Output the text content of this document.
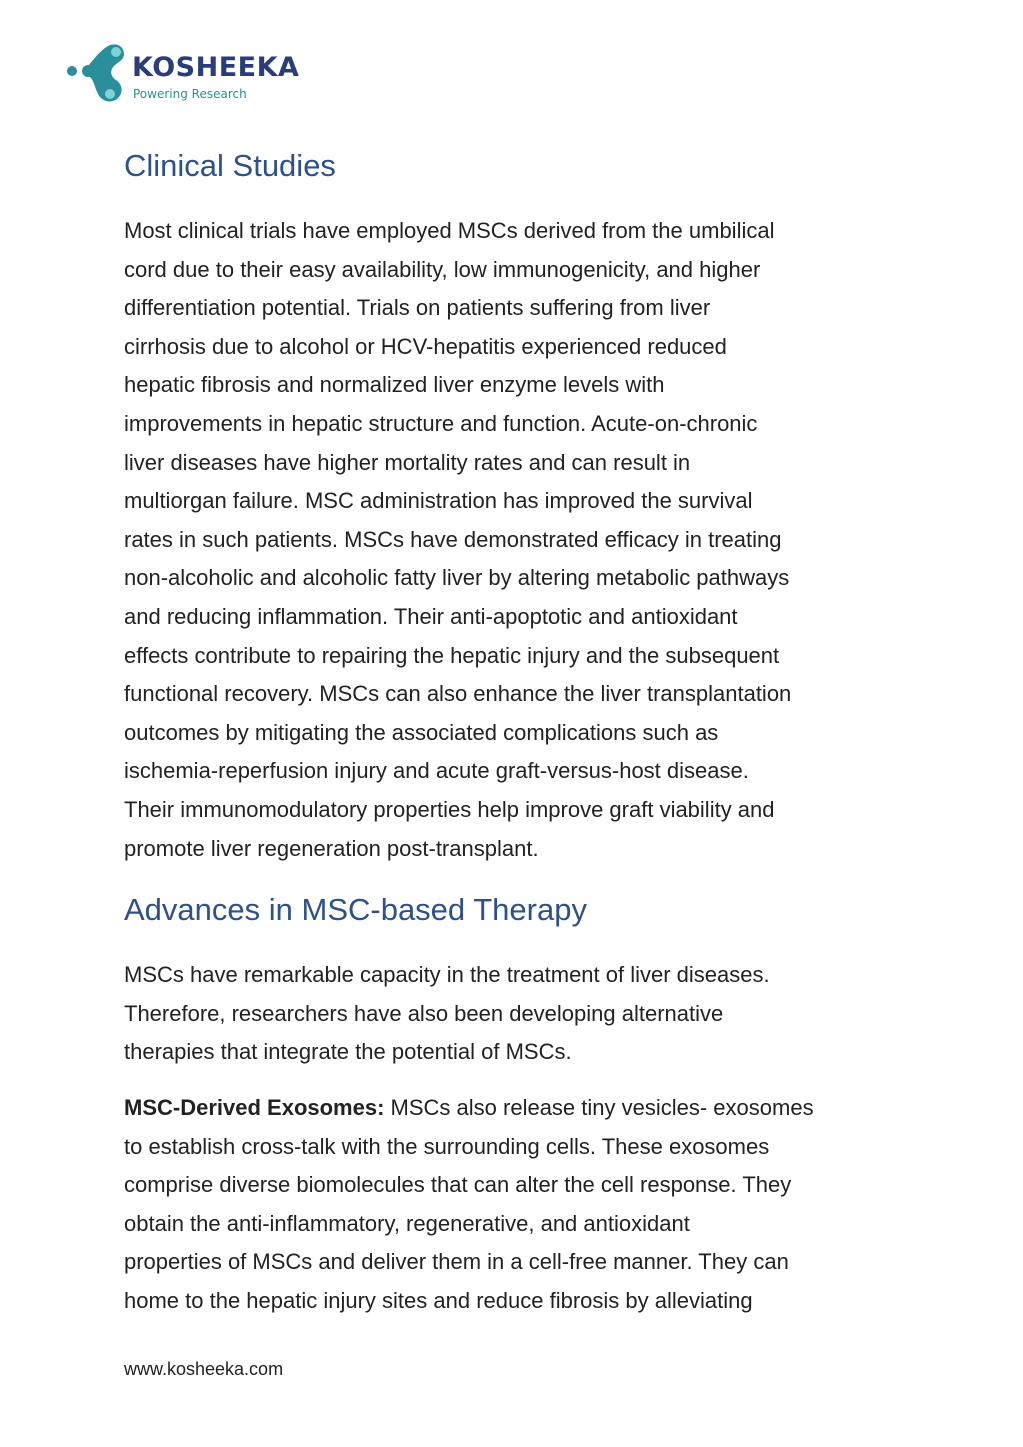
KOSHEEKA
Powering Research
Clinical Studies

Most clinical trials have employed MSCs derived from the umbilical
cord due to their easy availability, low immunogenicity, and higher
differentiation potential. Trials on patients suffering from liver
cirrhosis due to alcohol or HCV-hepatitis experienced reduced
hepatic fibrosis and normalized liver enzyme levels with
improvements in hepatic structure and function. Acute-on-chronic
liver diseases have higher mortality rates and can result in
multiorgan failure. MSC administration has improved the survival
rates in such patients. MSCs have demonstrated efficacy in treating
non-alcoholic and alcoholic fatty liver by altering metabolic pathways
and reducing inflammation. Their anti-apoptotic and antioxidant
effects contribute to repairing the hepatic injury and the subsequent
functional recovery. MSCs can also enhance the liver transplantation
outcomes by mitigating the associated complications such as
ischemia-reperfusion injury and acute graft-versus-host disease.
Their immunomodulatory properties help improve graft viability and
promote liver regeneration post-transplant.

Advances in MSC-based Therapy

MSCs have remarkable capacity in the treatment of liver diseases.
Therefore, researchers have also been developing alternative
therapies that integrate the potential of MSCs.

MSC-Derived Exosomes: MSCs also release tiny vesicles- exosomes
to establish cross-talk with the surrounding cells. These exosomes
comprise diverse biomolecules that can alter the cell response. They
obtain the anti-inflammatory, regenerative, and antioxidant
properties of MSCs and deliver them in a cell-free manner. They can
home to the hepatic injury sites and reduce fibrosis by alleviating

www.kosheeka.com
